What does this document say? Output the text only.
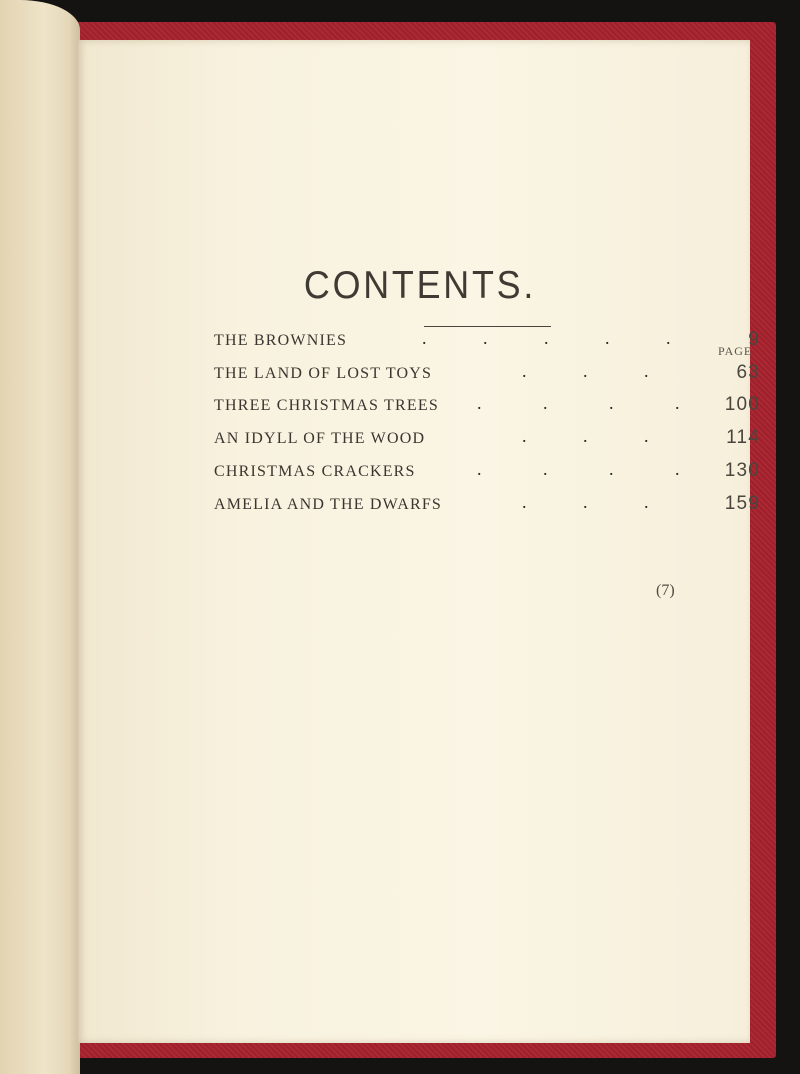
CONTENTS.
PAGE
THE BROWNIES	. . . . .	9
THE LAND OF LOST TOYS	. . .	63
THREE CHRISTMAS TREES . . . . 100
AN IDYLL OF THE WOOD	. . .	114
CHRISTMAS CRACKERS	. . . . 130
AMELIA AND THE DWARFS	. . .	159
(7)
